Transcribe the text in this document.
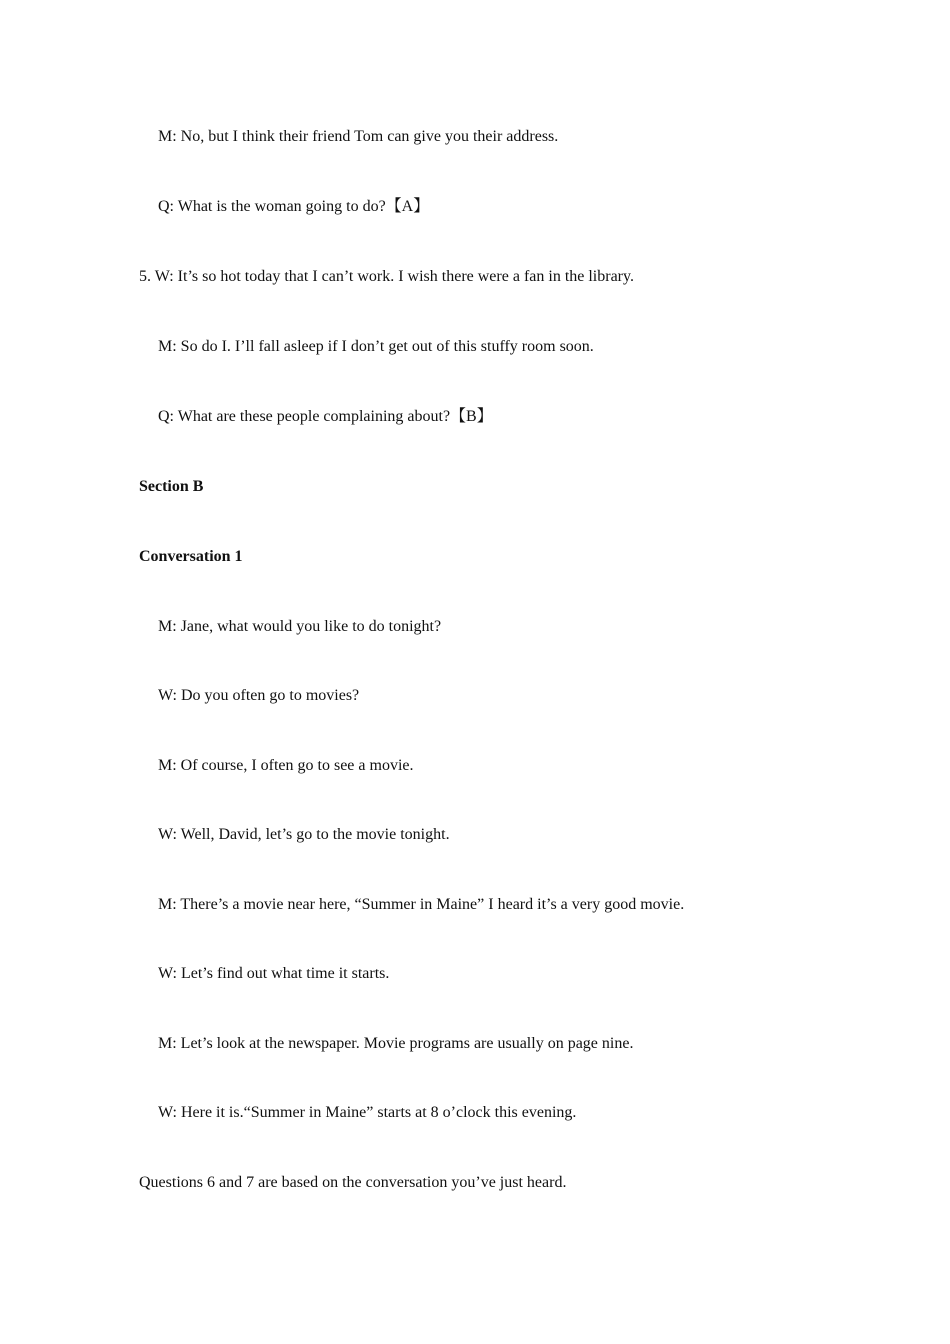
M: No, but I think their friend Tom can give you their address.
Q: What is the woman going to do?【A】
5. W: It’s so hot today that I can’t work. I wish there were a fan in the library.
M: So do I. I’ll fall asleep if I don’t get out of this stuffy room soon.
Q: What are these people complaining about?【B】
Section B
Conversation 1
M: Jane, what would you like to do tonight?
W: Do you often go to movies?
M: Of course, I often go to see a movie.
W: Well, David, let’s go to the movie tonight.
M: There’s a movie near here, “Summer in Maine” I heard it’s a very good movie.
W: Let’s find out what time it starts.
M: Let’s look at the newspaper. Movie programs are usually on page nine.
W: Here it is.“Summer in Maine” starts at 8 o’clock this evening.
Questions 6 and 7 are based on the conversation you’ve just heard.
